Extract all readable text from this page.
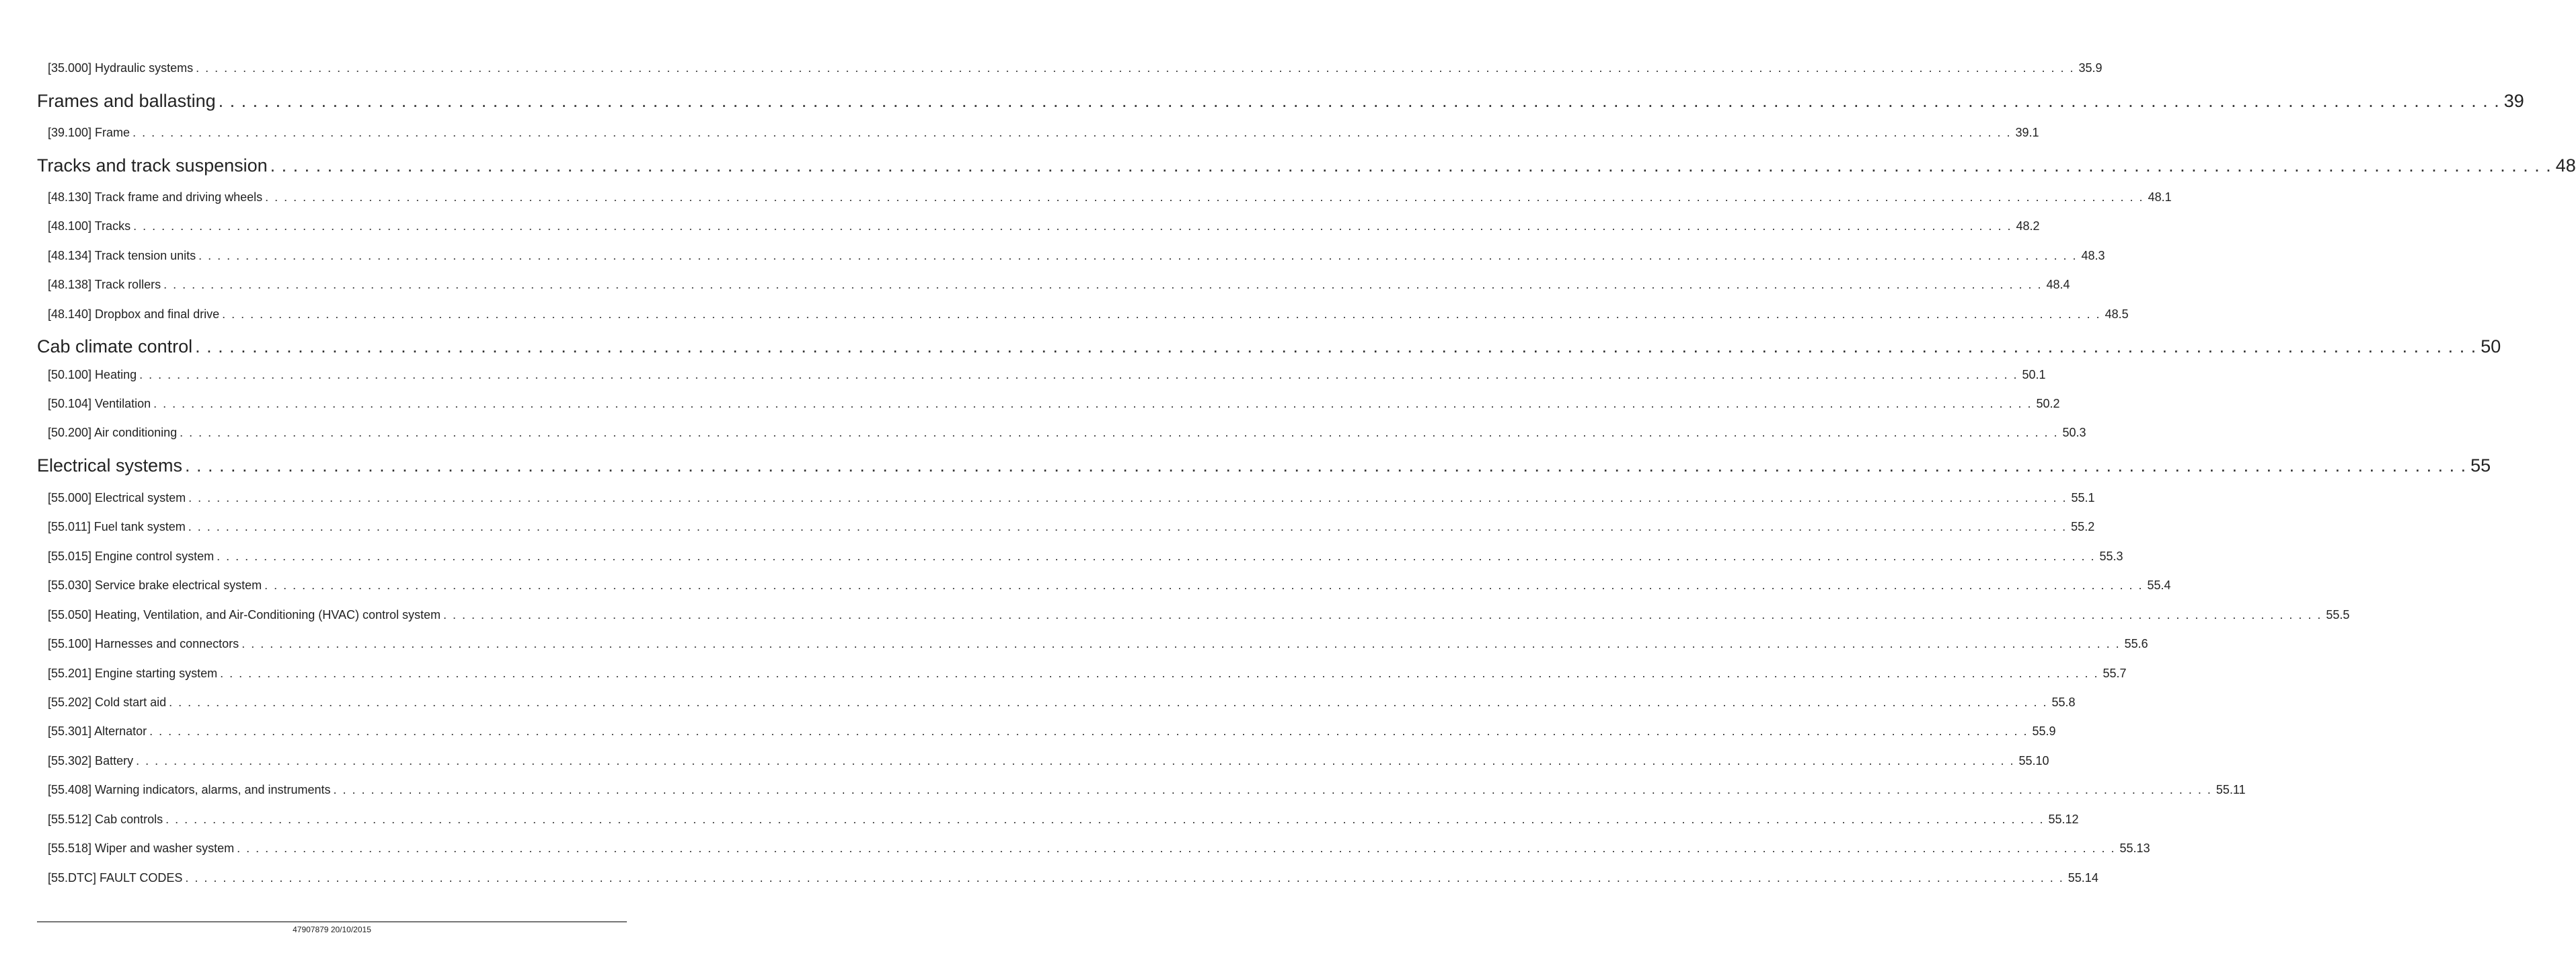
[35.000] Hydraulic systems . . . . . . . . . . . . . . . . . . . . . . . . . . . . . . . . . . . . . . . . . . . . . . . . . . . . . . . . . . . . . . . . . . . . . . . . . . . . . . . . . . . . . . . . . . . . . . . . . . . . . . . . . . . . . . . . . . . . . . . . . . . . . . . . . . . . . . . . . . . . . . . . . . . . . . . . . . . . . . . . . . . . . . . . . . . . . . . . . . . . . . . . . . . . . . . . . . . . . . . . 35.9
Frames and ballasting . . . . . . . . . . . . . . . . . . . . . . . . . . . . . . . . . . . . . . . . . . . . . . . . . . . . . . . . . . . . . . . . . . . . . . . . . . . . . . . . . . . . . . . . . . . . . . . . . . . . . . . . . . . . . . . . . . . . . . . . . . . . . . . . . . . . . . . . . . . . . . . . . . . . . . . . . . . . . . . . . . . . . . . . . . . . . . . . . . . . . . . . . . . . . . . . . . . . . . . . 39
[39.100] Frame . . . . . . . . . . . . . . . . . . . . . . . . . . . . . . . . . . . . . . . . . . . . . . . . . . . . . . . . . . . . . . . . . . . . . . . . . . . . . . . . . . . . . . . . . . . . . . . . . . . . . . . . . . . . . . . . . . . . . . . . . . . . . . . . . . . . . . . . . . . . . . . . . . . . . . . . . . . . . . . . . . . . . . . . . . . . . . . . . . . . . . . . . . . . . . . . . . . . . . . . 39.1
Tracks and track suspension . . . . . . . . . . . . . . . . . . . . . . . . . . . . . . . . . . . . . . . . . . . . . . . . . . . . . . . . . . . . . . . . . . . . . . . . . . . . . . . . . . . . . . . . . . . . . . . . . . . . . . . . . . . . . . . . . . . . . . . . . . . . . . . . . . . . . . . . . . . . . . . . . . . . . . . . . . . . . . . . . . . . . . . . . . . . . . . . . . . . . . . . . . . . . . . . . . . . . . . . 48
[48.130] Track frame and driving wheels . . . . . . . . . . . . . . . . . . . . . . . . . . . . . . . . . . . . . . . . . . . . . . . . . . . . . . . . . . . . . . . . . . . . . . . . . . . . . . . . . . . . . . . . . . . . . . . . . . . . . . . . . . . . . . . . . . . . . . . . . . . . . . . . . . . . . . . . . . . . . . . . . . . . . . . . . . . . . . . . . . . . . . . . . . . . . . . . . . . . . . . . . . . . . . . . . . . . . . . . 48.1
[48.100] Tracks . . . . . . . . . . . . . . . . . . . . . . . . . . . . . . . . . . . . . . . . . . . . . . . . . . . . . . . . . . . . . . . . . . . . . . . . . . . . . . . . . . . . . . . . . . . . . . . . . . . . . . . . . . . . . . . . . . . . . . . . . . . . . . . . . . . . . . . . . . . . . . . . . . . . . . . . . . . . . . . . . . . . . . . . . . . . . . . . . . . . . . . . . . . . . . . . . . . . . . . . 48.2
[48.134] Track tension units . . . . . . . . . . . . . . . . . . . . . . . . . . . . . . . . . . . . . . . . . . . . . . . . . . . . . . . . . . . . . . . . . . . . . . . . . . . . . . . . . . . . . . . . . . . . . . . . . . . . . . . . . . . . . . . . . . . . . . . . . . . . . . . . . . . . . . . . . . . . . . . . . . . . . . . . . . . . . . . . . . . . . . . . . . . . . . . . . . . . . . . . . . . . . . . . . . . . . . . . 48.3
[48.138] Track rollers . . . . . . . . . . . . . . . . . . . . . . . . . . . . . . . . . . . . . . . . . . . . . . . . . . . . . . . . . . . . . . . . . . . . . . . . . . . . . . . . . . . . . . . . . . . . . . . . . . . . . . . . . . . . . . . . . . . . . . . . . . . . . . . . . . . . . . . . . . . . . . . . . . . . . . . . . . . . . . . . . . . . . . . . . . . . . . . . . . . . . . . . . . . . . . . . . . . . . . . . 48.4
[48.140] Dropbox and final drive . . . . . . . . . . . . . . . . . . . . . . . . . . . . . . . . . . . . . . . . . . . . . . . . . . . . . . . . . . . . . . . . . . . . . . . . . . . . . . . . . . . . . . . . . . . . . . . . . . . . . . . . . . . . . . . . . . . . . . . . . . . . . . . . . . . . . . . . . . . . . . . . . . . . . . . . . . . . . . . . . . . . . . . . . . . . . . . . . . . . . . . . . . . . . . . . . . . . . . . . 48.5
Cab climate control . . . . . . . . . . . . . . . . . . . . . . . . . . . . . . . . . . . . . . . . . . . . . . . . . . . . . . . . . . . . . . . . . . . . . . . . . . . . . . . . . . . . . . . . . . . . . . . . . . . . . . . . . . . . . . . . . . . . . . . . . . . . . . . . . . . . . . . . . . . . . . . . . . . . . . . . . . . . . . . . . . . . . . . . . . . . . . . . . . . . . . . . . . . . . . . . . . . . . . . . 50
[50.100] Heating . . . . . . . . . . . . . . . . . . . . . . . . . . . . . . . . . . . . . . . . . . . . . . . . . . . . . . . . . . . . . . . . . . . . . . . . . . . . . . . . . . . . . . . . . . . . . . . . . . . . . . . . . . . . . . . . . . . . . . . . . . . . . . . . . . . . . . . . . . . . . . . . . . . . . . . . . . . . . . . . . . . . . . . . . . . . . . . . . . . . . . . . . . . . . . . . . . . . . . . . 50.1
[50.104] Ventilation . . . . . . . . . . . . . . . . . . . . . . . . . . . . . . . . . . . . . . . . . . . . . . . . . . . . . . . . . . . . . . . . . . . . . . . . . . . . . . . . . . . . . . . . . . . . . . . . . . . . . . . . . . . . . . . . . . . . . . . . . . . . . . . . . . . . . . . . . . . . . . . . . . . . . . . . . . . . . . . . . . . . . . . . . . . . . . . . . . . . . . . . . . . . . . . . . . . . . . . . 50.2
[50.200] Air conditioning . . . . . . . . . . . . . . . . . . . . . . . . . . . . . . . . . . . . . . . . . . . . . . . . . . . . . . . . . . . . . . . . . . . . . . . . . . . . . . . . . . . . . . . . . . . . . . . . . . . . . . . . . . . . . . . . . . . . . . . . . . . . . . . . . . . . . . . . . . . . . . . . . . . . . . . . . . . . . . . . . . . . . . . . . . . . . . . . . . . . . . . . . . . . . . . . . . . . . . . . 50.3
Electrical systems . . . . . . . . . . . . . . . . . . . . . . . . . . . . . . . . . . . . . . . . . . . . . . . . . . . . . . . . . . . . . . . . . . . . . . . . . . . . . . . . . . . . . . . . . . . . . . . . . . . . . . . . . . . . . . . . . . . . . . . . . . . . . . . . . . . . . . . . . . . . . . . . . . . . . . . . . . . . . . . . . . . . . . . . . . . . . . . . . . . . . . . . . . . . . . . . . . . . . . . . 55
[55.000] Electrical system . . . . . . . . . . . . . . . . . . . . . . . . . . . . . . . . . . . . . . . . . . . . . . . . . . . . . . . . . . . . . . . . . . . . . . . . . . . . . . . . . . . . . . . . . . . . . . . . . . . . . . . . . . . . . . . . . . . . . . . . . . . . . . . . . . . . . . . . . . . . . . . . . . . . . . . . . . . . . . . . . . . . . . . . . . . . . . . . . . . . . . . . . . . . . . . . . . . . . . . . 55.1
[55.011] Fuel tank system . . . . . . . . . . . . . . . . . . . . . . . . . . . . . . . . . . . . . . . . . . . . . . . . . . . . . . . . . . . . . . . . . . . . . . . . . . . . . . . . . . . . . . . . . . . . . . . . . . . . . . . . . . . . . . . . . . . . . . . . . . . . . . . . . . . . . . . . . . . . . . . . . . . . . . . . . . . . . . . . . . . . . . . . . . . . . . . . . . . . . . . . . . . . . . . . . . . . . . . . 55.2
[55.015] Engine control system . . . . . . . . . . . . . . . . . . . . . . . . . . . . . . . . . . . . . . . . . . . . . . . . . . . . . . . . . . . . . . . . . . . . . . . . . . . . . . . . . . . . . . . . . . . . . . . . . . . . . . . . . . . . . . . . . . . . . . . . . . . . . . . . . . . . . . . . . . . . . . . . . . . . . . . . . . . . . . . . . . . . . . . . . . . . . . . . . . . . . . . . . . . . . . . . . . . . . . . . 55.3
[55.030] Service brake electrical system . . . . . . . . . . . . . . . . . . . . . . . . . . . . . . . . . . . . . . . . . . . . . . . . . . . . . . . . . . . . . . . . . . . . . . . . . . . . . . . . . . . . . . . . . . . . . . . . . . . . . . . . . . . . . . . . . . . . . . . . . . . . . . . . . . . . . . . . . . . . . . . . . . . . . . . . . . . . . . . . . . . . . . . . . . . . . . . . . . . . . . . . . . . . . . . . . . . . . . . . 55.4
[55.050] Heating, Ventilation, and Air-Conditioning (HVAC) control system . . . . . . . . . . . . . . . . . . . . . . . . . . . . . . . . . . . . . . . . . . . . . . . . . . . . . . . . . . . . . . . . . . . . . . . . . . . . . . . . . . . . . . . . . . . . . . . . . . . . . . . . . . . . . . . . . . . . . . . . . . . . . . . . . . . . . . . . . . . . . . . . . . . . . . . . . . . . . . . . . . . . . . . . . . . . . . . . . . . . . . . . . . . . . . . . . . . . . . . . 55.5
[55.100] Harnesses and connectors . . . . . . . . . . . . . . . . . . . . . . . . . . . . . . . . . . . . . . . . . . . . . . . . . . . . . . . . . . . . . . . . . . . . . . . . . . . . . . . . . . . . . . . . . . . . . . . . . . . . . . . . . . . . . . . . . . . . . . . . . . . . . . . . . . . . . . . . . . . . . . . . . . . . . . . . . . . . . . . . . . . . . . . . . . . . . . . . . . . . . . . . . . . . . . . . . . . . . . . . 55.6
[55.201] Engine starting system . . . . . . . . . . . . . . . . . . . . . . . . . . . . . . . . . . . . . . . . . . . . . . . . . . . . . . . . . . . . . . . . . . . . . . . . . . . . . . . . . . . . . . . . . . . . . . . . . . . . . . . . . . . . . . . . . . . . . . . . . . . . . . . . . . . . . . . . . . . . . . . . . . . . . . . . . . . . . . . . . . . . . . . . . . . . . . . . . . . . . . . . . . . . . . . . . . . . . . . . 55.7
[55.202] Cold start aid . . . . . . . . . . . . . . . . . . . . . . . . . . . . . . . . . . . . . . . . . . . . . . . . . . . . . . . . . . . . . . . . . . . . . . . . . . . . . . . . . . . . . . . . . . . . . . . . . . . . . . . . . . . . . . . . . . . . . . . . . . . . . . . . . . . . . . . . . . . . . . . . . . . . . . . . . . . . . . . . . . . . . . . . . . . . . . . . . . . . . . . . . . . . . . . . . . . . . . . . 55.8
[55.301] Alternator . . . . . . . . . . . . . . . . . . . . . . . . . . . . . . . . . . . . . . . . . . . . . . . . . . . . . . . . . . . . . . . . . . . . . . . . . . . . . . . . . . . . . . . . . . . . . . . . . . . . . . . . . . . . . . . . . . . . . . . . . . . . . . . . . . . . . . . . . . . . . . . . . . . . . . . . . . . . . . . . . . . . . . . . . . . . . . . . . . . . . . . . . . . . . . . . . . . . . . . . 55.9
[55.302] Battery . . . . . . . . . . . . . . . . . . . . . . . . . . . . . . . . . . . . . . . . . . . . . . . . . . . . . . . . . . . . . . . . . . . . . . . . . . . . . . . . . . . . . . . . . . . . . . . . . . . . . . . . . . . . . . . . . . . . . . . . . . . . . . . . . . . . . . . . . . . . . . . . . . . . . . . . . . . . . . . . . . . . . . . . . . . . . . . . . . . . . . . . . . . . . . . . . . . . . . . . 55.10
[55.408] Warning indicators, alarms, and instruments . . . . . . . . . . . . . . . . . . . . . . . . . . . . . . . . . . . . . . . . . . . . . . . . . . . . . . . . . . . . . . . . . . . . . . . . . . . . . . . . . . . . . . . . . . . . . . . . . . . . . . . . . . . . . . . . . . . . . . . . . . . . . . . . . . . . . . . . . . . . . . . . . . . . . . . . . . . . . . . . . . . . . . . . . . . . . . . . . . . . . . . . . . . . . . . . . . . . . . . . 55.11
[55.512] Cab controls . . . . . . . . . . . . . . . . . . . . . . . . . . . . . . . . . . . . . . . . . . . . . . . . . . . . . . . . . . . . . . . . . . . . . . . . . . . . . . . . . . . . . . . . . . . . . . . . . . . . . . . . . . . . . . . . . . . . . . . . . . . . . . . . . . . . . . . . . . . . . . . . . . . . . . . . . . . . . . . . . . . . . . . . . . . . . . . . . . . . . . . . . . . . . . . . . . . . . . . . 55.12
[55.518] Wiper and washer system . . . . . . . . . . . . . . . . . . . . . . . . . . . . . . . . . . . . . . . . . . . . . . . . . . . . . . . . . . . . . . . . . . . . . . . . . . . . . . . . . . . . . . . . . . . . . . . . . . . . . . . . . . . . . . . . . . . . . . . . . . . . . . . . . . . . . . . . . . . . . . . . . . . . . . . . . . . . . . . . . . . . . . . . . . . . . . . . . . . . . . . . . . . . . . . . . . . . . . . . 55.13
[55.DTC] FAULT CODES . . . . . . . . . . . . . . . . . . . . . . . . . . . . . . . . . . . . . . . . . . . . . . . . . . . . . . . . . . . . . . . . . . . . . . . . . . . . . . . . . . . . . . . . . . . . . . . . . . . . . . . . . . . . . . . . . . . . . . . . . . . . . . . . . . . . . . . . . . . . . . . . . . . . . . . . . . . . . . . . . . . . . . . . . . . . . . . . . . . . . . . . . . . . . . . . . . . . . . . . 55.14
47907879 20/10/2015
